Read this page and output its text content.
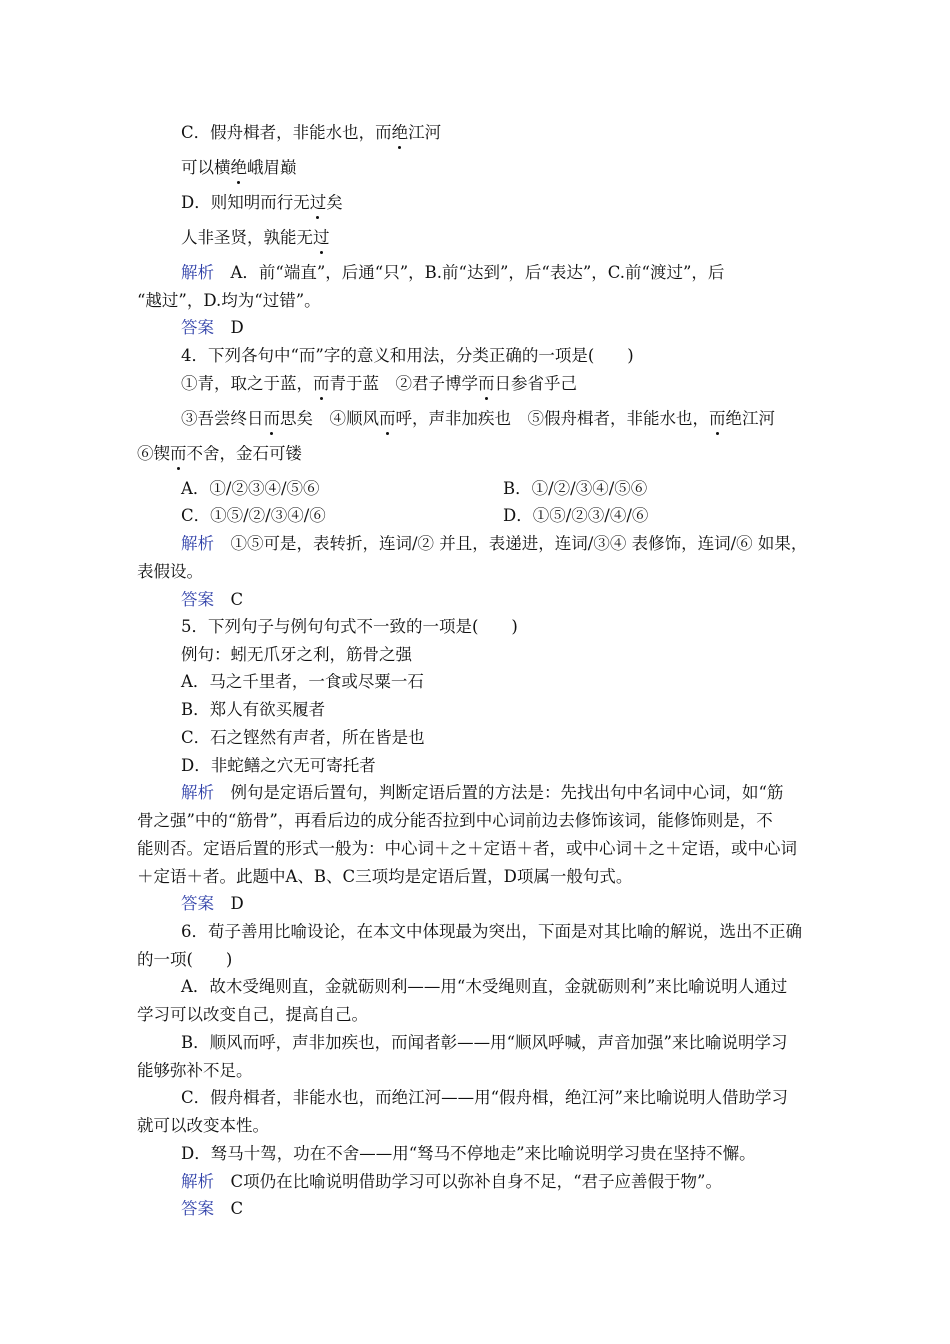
C．假舟楫者，非能水也，而绝江河
可以横绝峨眉巅
D．则知明而行无过矣
人非圣贤，孰能无过
解析　 A．前“端直”，后通“只”，B.前“达到”，后“表达”，C.前“渡过”，后
“越过”，D.均为“过错”。
答案　 D
4．下列各句中“而”字的意义和用法，分类正确的一项是(　　)
①青，取之于蓝，而青于蓝　②君子博学而日参省乎己
③吾尝终日而思矣　④顺风而呼，声非加疾也　⑤假舟楫者，非能水也，而绝江河
⑥锲而不舍，金石可镂
A．①/②③④/⑤⑥	B．①/②/③④/⑤⑥
C．①⑤/②/③④/⑥	D．①⑤/②③/④/⑥
解析　 ①⑤可是，表转折，连词/② 并且，表递进，连词/③④ 表修饰，连词/⑥ 如果，
表假设。
答案　 C
5．下列句子与例句句式不一致的一项是(　　)
例句：蚓无爪牙之利，筋骨之强
A．马之千里者，一食或尽粟一石
B．郑人有欲买履者
C．石之铿然有声者，所在皆是也
D．非蛇鳝之穴无可寄托者
解析　 例句是定语后置句，判断定语后置的方法是：先找出句中名词中心词，如“筋
骨之强”中的“筋骨”，再看后边的成分能否拉到中心词前边去修饰该词，能修饰则是，不
能则否。定语后置的形式一般为：中心词＋之＋定语＋者，或中心词＋之＋定语，或中心词
＋定语＋者。此题中A、B、C三项均是定语后置，D项属一般句式。
答案　 D
6．荀子善用比喻设论，在本文中体现最为突出，下面是对其比喻的解说，选出不正确
的一项(　　)
A．故木受绳则直，金就砺则利——用“木受绳则直，金就砺则利”来比喻说明人通过
学习可以改变自己，提高自己。
B．顺风而呼，声非加疾也，而闻者彰——用“顺风呼喊，声音加强”来比喻说明学习
能够弥补不足。
C．假舟楫者，非能水也，而绝江河——用“假舟楫，绝江河”来比喻说明人借助学习
就可以改变本性。
D．驽马十驾，功在不舍——用“驽马不停地走”来比喻说明学习贵在坚持不懈。
解析　 C项仍在比喻说明借助学习可以弥补自身不足，“君子应善假于物”。
答案　 C
